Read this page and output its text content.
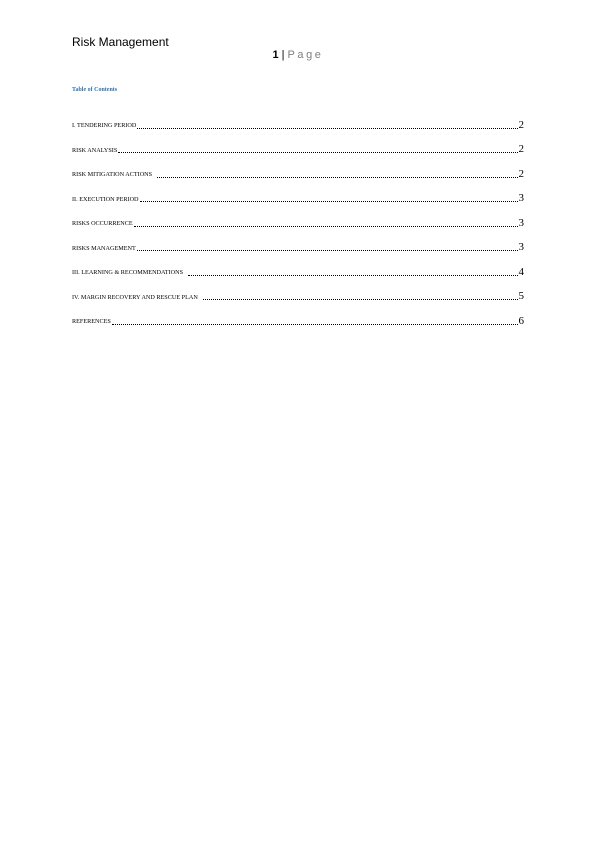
Risk Management
1 | Page
Table of Contents
I. TENDERING PERIOD	2
RISK ANALYSIS	2
RISK MITIGATION ACTIONS	2
II. EXECUTION PERIOD	3
RISKS OCCURRENCE	3
RISKS MANAGEMENT	3
III. LEARNING & RECOMMENDATIONS	4
IV. MARGIN RECOVERY AND RESCUE PLAN	5
REFERENCES	6
